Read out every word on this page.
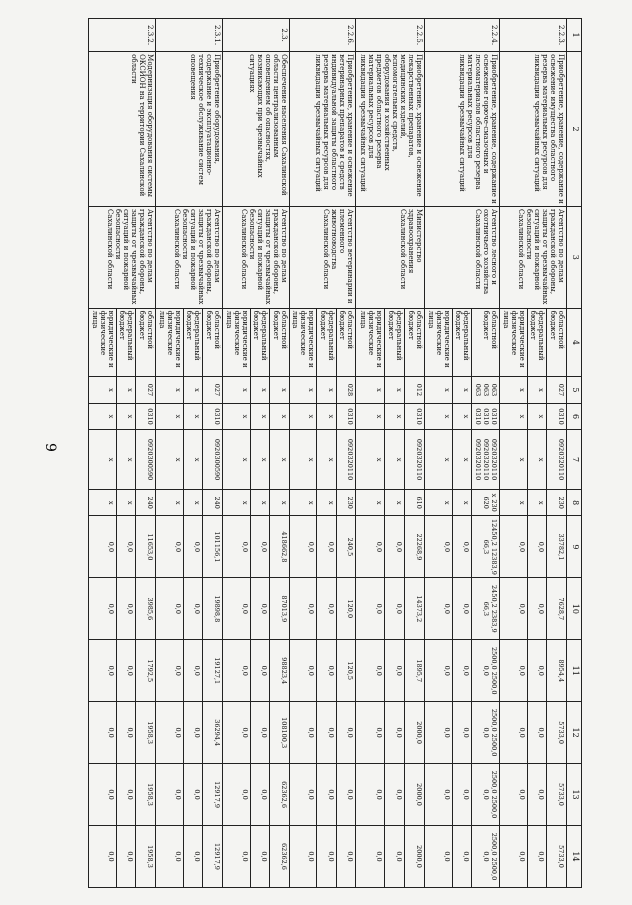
9
1	2	3	4	5	6	7	8	9	10	11	12	13	14
2.2.3.	Приобретение, хранение, содержание и освежение имущества областного резерва материальных ресурсов для ликвидации чрезвычайных ситуаций	Агентство по делам гражданской обороны, защиты от чрезвычайных ситуаций и пожарной безопасности Сахалинской области	областной бюджет	027	0310	0920320110	230	33782,1	7628,7	8954,4	5733,0	5733,0	5733,0
			федеральный бюджет	x	x	x	x	0,0	0,0	0,0	0,0	0,0	0,0
			юридические и физические лица	x	x	x	x	0,0	0,0	0,0	0,0	0,0	0,0
2.2.4.	Приобретение, хранение, содержание и освежение горюче-смазочных и лесоматериалов областного резерва материальных ресурсов для ликвидации чрезвычайных ситуаций	Агентство лесного и охотничьего хозяйства Сахалинской области	областной бюджет	063 063 063	0310 0310 0310	0920320110 0920320110 0920320110	x 230 620	12450,2 12383,9 66,3	2450,2 2383,9 66,3	2500,0 2500,0 0,0	2500,0 2500,0 0,0	2500,0 2500,0 0,0	2500,0 2500,0 0,0
			федеральный бюджет	x	x	x	x	0,0	0,0	0,0	0,0	0,0	0,0
			юридические и физические лица	x	x	x	x	0,0	0,0	0,0	0,0	0,0	0,0
2.2.5.	Приобретение, хранение и освежение лекарственных препаратов, медицинских изделий, вспомогательных средств, оборудования и хозяйственных предметов областного резерва материальных ресурсов для ликвидации чрезвычайных ситуаций	Министерство здравоохранения Сахалинской области	областной бюджет	012	0310	0920320110	610	22268,9	14373,2	1895,7	2000,0	2000,0	2000,0
			федеральный бюджет	x	x	x	x	0,0	0,0	0,0	0,0	0,0	0,0
			юридические и физические лица	x	x	x	x	0,0	0,0	0,0	0,0	0,0	0,0
2.2.6.	Приобретение, хранение и освежение ветеринарных препаратов и средств индивидуальной защиты областного резерва материальных ресурсов для ликвидации чрезвычайных ситуаций	Агентство ветеринарии и племенного животноводства Сахалинской области	областной бюджет	028	0310	0920320110	230	240,5	120,0	120,5	0,0	0,0	0,0
			федеральный бюджет	x	x	x	x	0,0	0,0	0,0	0,0	0,0	0,0
			юридические и физические лица	x	x	x	x	0,0	0,0	0,0	0,0	0,0	0,0
2.3.	Обеспечение населения Сахалинской области централизованным оповещением об опасностях, возникающих при чрезвычайных ситуациях	Агентство по делам гражданской обороны, защиты от чрезвычайных ситуаций и пожарной безопасности Сахалинской области	областной бюджет	x	x	x	x	418662,8	87013,9	98823,4	108100,3	62362,6	62362,6
			федеральный бюджет	x	x	x	x	0,0	0,0	0,0	0,0	0,0	0,0
			юридические и физические лица	x	x	x	x	0,0	0,0	0,0	0,0	0,0	0,0
2.3.1.	Приобретение оборудования, содержание и эксплуатационно-техническое обслуживание систем оповещения	Агентство по делам гражданской обороны, защиты от чрезвычайных ситуаций и пожарной безопасности Сахалинской области	областной бюджет	027	0310	0920300590	240	101156,1	19898,8	19127,1	36294,4	12917,9	12917,9
			федеральный бюджет	x	x	x	x	0,0	0,0	0,0	0,0	0,0	0,0
			юридические и физические лица	x	x	x	x	0,0	0,0	0,0	0,0	0,0	0,0
2.3.2.	Модернизация оборудования системы ОКСИОН на территории Сахалинской области	Агентство по делам гражданской обороны, защиты от чрезвычайных ситуаций и пожарной безопасности Сахалинской области	областной бюджет	027	0310	0920300590	240	11653,0	3985,6	1792,5	1958,3	1958,3	1958,3
			федеральный бюджет	x	x	x	x	0,0	0,0	0,0	0,0	0,0	0,0
			юридические и физические лица	x	x	x	x	0,0	0,0	0,0	0,0	0,0	0,0
